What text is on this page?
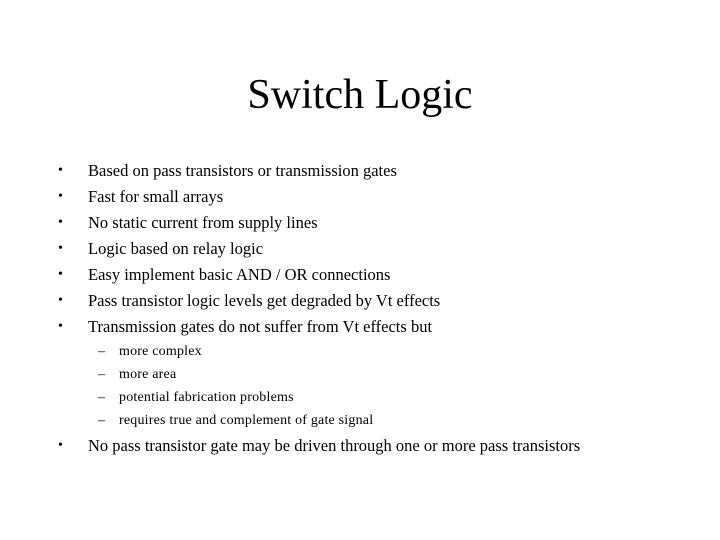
Switch Logic
• Based on pass transistors or transmission gates
• Fast for small arrays
• No static current from supply lines
• Logic based on relay logic
• Easy implement basic AND / OR connections
• Pass transistor logic levels get degraded by Vt effects
• Transmission gates do not suffer from Vt effects but
– more complex
– more area
– potential fabrication problems
– requires true and complement of gate signal
• No pass transistor gate may be driven through one or more pass transistors
